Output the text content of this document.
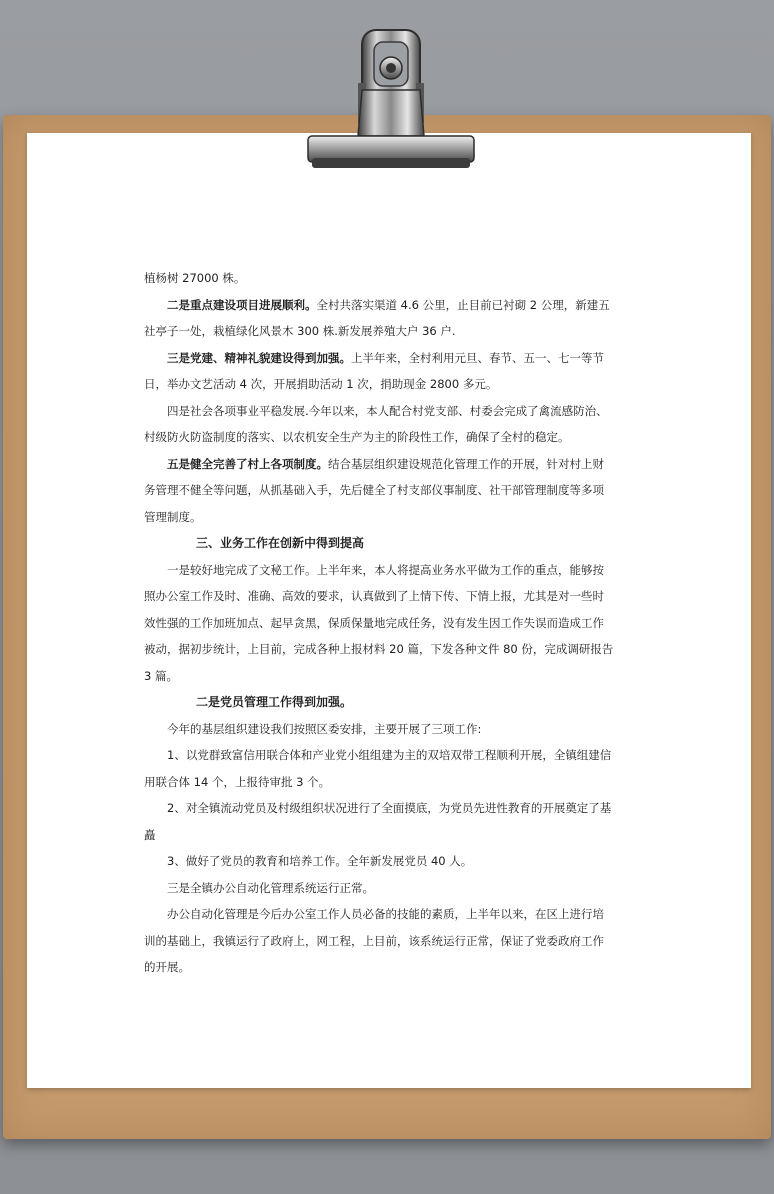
植杨树 27000 株。

二是重点建设项目进展顺利。全村共落实渠道 4.6 公里，止目前已衬砌 2 公理，新建五社亭子一处，栽植绿化风景木 300 株.新发展养殖大户 36 户.

三是党建、精神礼貌建设得到加强。上半年来，全村利用元旦、春节、五一、七一等节日，举办文艺活动 4 次，开展捐助活动 1 次，捐助现金 2800 多元。

四是社会各项事业平稳发展.今年以来，本人配合村党支部、村委会完成了禽流感防治、村级防火防盗制度的落实、以农机安全生产为主的阶段性工作，确保了全村的稳定。

五是健全完善了村上各项制度。结合基层组织建设规范化管理工作的开展，针对村上财务管理不健全等问题，从抓基础入手，先后健全了村支部仪事制度、社干部管理制度等多项管理制度。

三、业务工作在创新中得到提高

一是较好地完成了文秘工作。上半年来，本人将提高业务水平做为工作的重点，能够按照办公室工作及时、准确、高效的要求，认真做到了上情下传、下情上报，尤其是对一些时效性强的工作加班加点、起早贪黑，保质保量地完成任务，没有发生因工作失误而造成工作被动，据初步统计，上目前，完成各种上报材料 20 篇，下发各种文件 80 份，完成调研报告 3 篇。

二是党员管理工作得到加强。

今年的基层组织建设我们按照区委安排，主要开展了三项工作:

1、以党群致富信用联合体和产业党小组组建为主的双培双带工程顺利开展，全镇组建信用联合体 14 个，上报待审批 3 个。

2、对全镇流动党员及村级组织状况进行了全面摸底，为党员先进性教育的开展奠定了基矗

3、做好了党员的教育和培养工作。全年新发展党员 40 人。

三是全镇办公自动化管理系统运行正常。

办公自动化管理是今后办公室工作人员必备的技能的素质，上半年以来，在区上进行培训的基础上，我镇运行了政府上，网工程，上目前，该系统运行正常，保证了党委政府工作的开展。
